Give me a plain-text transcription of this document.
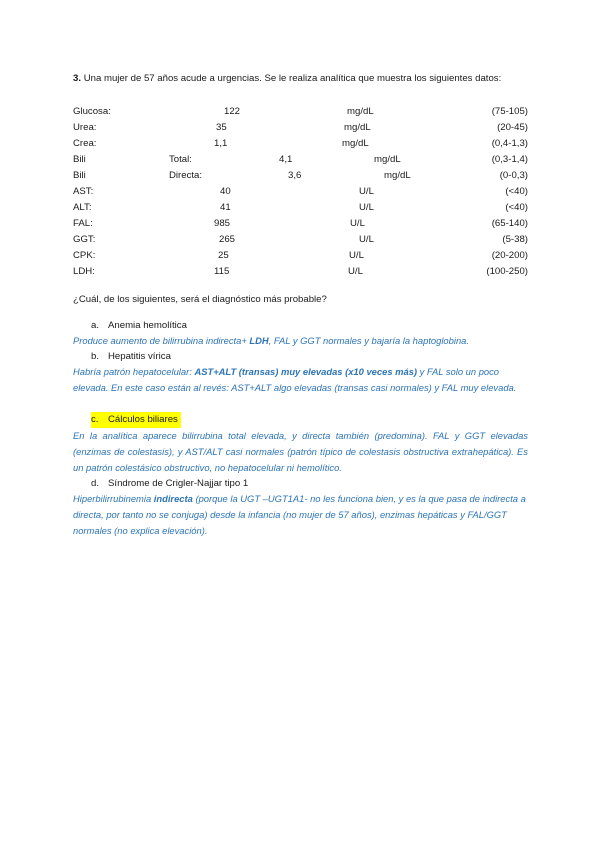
3. Una mujer de 57 años acude a urgencias. Se le realiza analítica que muestra los siguientes datos:
Glucosa:	122	mg/dL	(75-105)
Urea:	35	mg/dL	(20-45)
Crea:	1,1	mg/dL	(0,4-1,3)
Bili	Total:	4,1	mg/dL	(0,3-1,4)
Bili	Directa:	3,6	mg/dL	(0-0,3)
AST:	40	U/L	(<40)
ALT:	41	U/L	(<40)
FAL:	985	U/L	(65-140)
GGT:	265	U/L	(5-38)
CPK:	25	U/L	(20-200)
LDH:	115	U/L	(100-250)
¿Cuál, de los siguientes, será el diagnóstico más probable?
a. Anemia hemolítica
Produce aumento de bilirrubina indirecta+ LDH, FAL y GGT normales y bajaría la haptoglobina.
b. Hepatitis vírica
Habría patrón hepatocelular: AST+ALT (transas) muy elevadas (x10 veces más) y FAL solo un poco elevada. En este caso están al revés: AST+ALT algo elevadas (transas casi normales) y FAL muy elevada.
c. Cálculos biliares
En la analítica aparece bilirrubina total elevada, y directa también (predomina). FAL y GGT elevadas (enzimas de colestasis), y AST/ALT casi normales (patrón típico de colestasis obstructiva extrahepática). Es un patrón colestásico obstructivo, no hepatocelular ni hemolítico.
d. Síndrome de Crigler-Najjar tipo 1
Hiperbilirrubinemia indirecta (porque la UGT –UGT1A1- no les funciona bien, y es la que pasa de indirecta a directa, por tanto no se conjuga) desde la infancia (no mujer de 57 años), enzimas hepáticas y FAL/GGT normales (no explica elevación).
